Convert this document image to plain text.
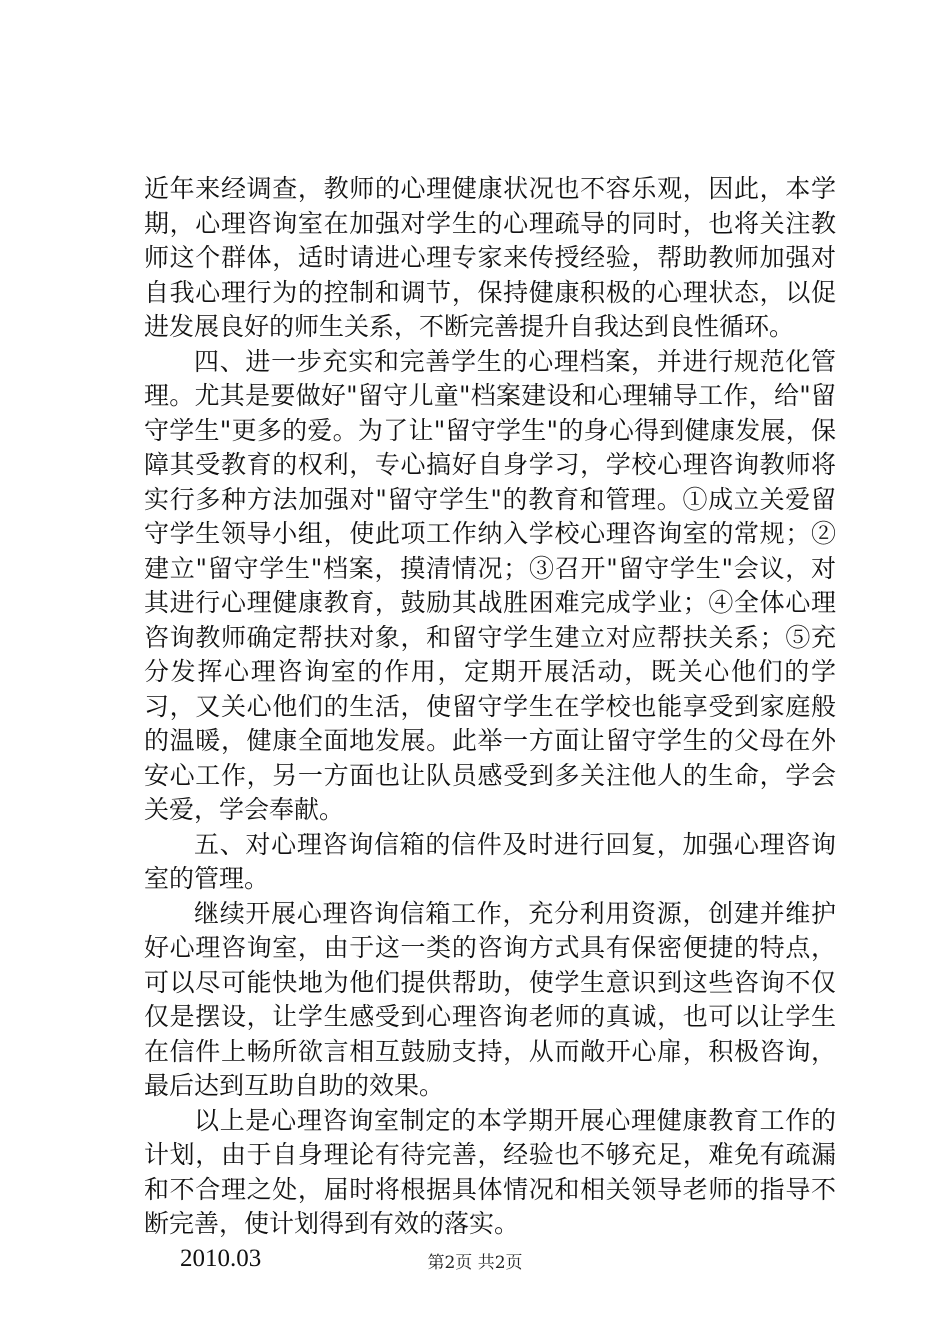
近年来经调查，教师的心理健康状况也不容乐观，因此，本学期，心理咨询室在加强对学生的心理疏导的同时，也将关注教师这个群体，适时请进心理专家来传授经验，帮助教师加强对自我心理行为的控制和调节，保持健康积极的心理状态，以促进发展良好的师生关系，不断完善提升自我达到良性循环。

四、进一步充实和完善学生的心理档案，并进行规范化管理。尤其是要做好"留守儿童"档案建设和心理辅导工作，给"留守学生"更多的爱。为了让"留守学生"的身心得到健康发展，保障其受教育的权利，专心搞好自身学习，学校心理咨询教师将实行多种方法加强对"留守学生"的教育和管理。①成立关爱留守学生领导小组，使此项工作纳入学校心理咨询室的常规；②建立"留守学生"档案，摸清情况；③召开"留守学生"会议，对其进行心理健康教育，鼓励其战胜困难完成学业；④全体心理咨询教师确定帮扶对象，和留守学生建立对应帮扶关系；⑤充分发挥心理咨询室的作用，定期开展活动，既关心他们的学习，又关心他们的生活，使留守学生在学校也能享受到家庭般的温暖，健康全面地发展。此举一方面让留守学生的父母在外安心工作，另一方面也让队员感受到多关注他人的生命，学会关爱，学会奉献。

五、对心理咨询信箱的信件及时进行回复，加强心理咨询室的管理。

继续开展心理咨询信箱工作，充分利用资源，创建并维护好心理咨询室，由于这一类的咨询方式具有保密便捷的特点，可以尽可能快地为他们提供帮助，使学生意识到这些咨询不仅仅是摆设，让学生感受到心理咨询老师的真诚，也可以让学生在信件上畅所欲言相互鼓励支持，从而敞开心扉，积极咨询，最后达到互助自助的效果。

以上是心理咨询室制定的本学期开展心理健康教育工作的计划，由于自身理论有待完善，经验也不够充足，难免有疏漏和不合理之处，届时将根据具体情况和相关领导老师的指导不断完善，使计划得到有效的落实。

2010.03	第2页 共2页
